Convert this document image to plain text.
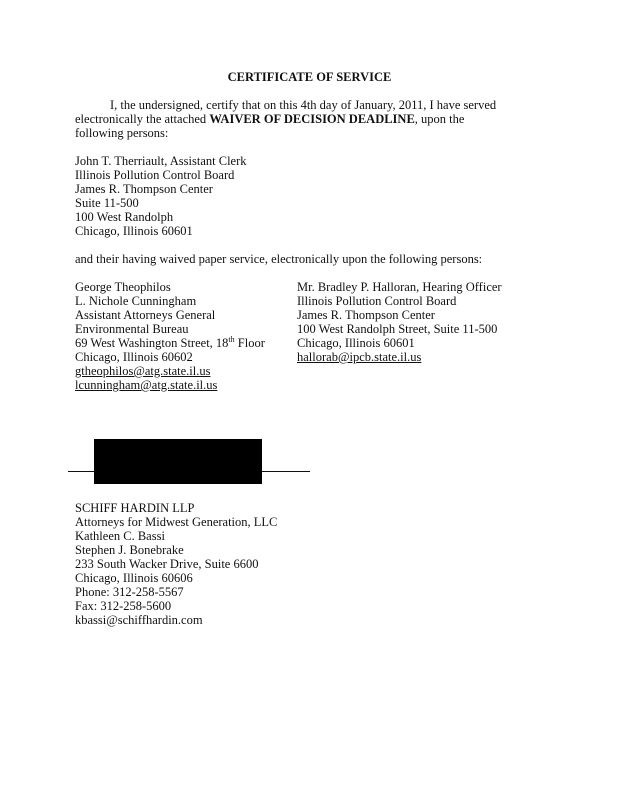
CERTIFICATE OF SERVICE
I, the undersigned, certify that on this 4th day of January, 2011, I have served electronically the attached WAIVER OF DECISION DEADLINE, upon the following persons:
John T. Therriault, Assistant Clerk
Illinois Pollution Control Board
James R. Thompson Center
Suite 11-500
100 West Randolph
Chicago, Illinois 60601
and their having waived paper service, electronically upon the following persons:
George Theophilos
L. Nichole Cunningham
Assistant Attorneys General
Environmental Bureau
69 West Washington Street, 18th Floor
Chicago, Illinois 60602
gtheophilos@atg.state.il.us
lcunningham@atg.state.il.us
Mr. Bradley P. Halloran, Hearing Officer
Illinois Pollution Control Board
James R. Thompson Center
100 West Randolph Street, Suite 11-500
Chicago, Illinois 60601
hallorab@ipcb.state.il.us
SCHIFF HARDIN LLP
Attorneys for Midwest Generation, LLC
Kathleen C. Bassi
Stephen J. Bonebrake
233 South Wacker Drive, Suite 6600
Chicago, Illinois 60606
Phone: 312-258-5567
Fax: 312-258-5600
kbassi@schiffhardin.com
